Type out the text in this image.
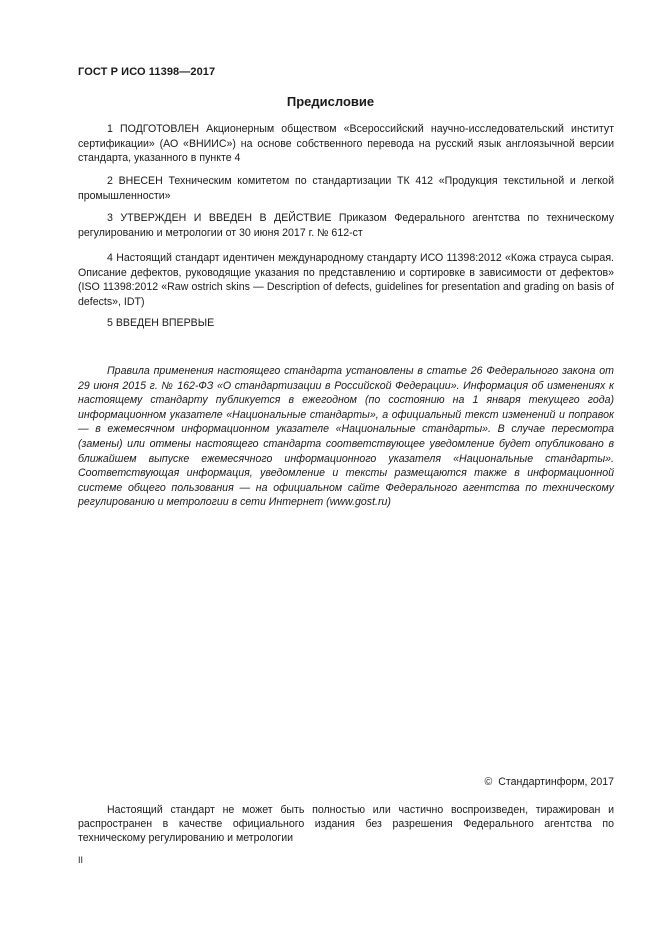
ГОСТ Р ИСО 11398—2017
Предисловие

1 ПОДГОТОВЛЕН Акционерным обществом «Всероссийский научно-исследовательский институт сертификации» (АО «ВНИИС») на основе собственного перевода на русский язык англоязычной версии стандарта, указанного в пункте 4

2 ВНЕСЕН Техническим комитетом по стандартизации ТК 412 «Продукция текстильной и легкой промышленности»

3 УТВЕРЖДЕН И ВВЕДЕН В ДЕЙСТВИЕ Приказом Федерального агентства по техническому регулированию и метрологии от 30 июня 2017 г. № 612-ст

4 Настоящий стандарт идентичен международному стандарту ИСО 11398:2012 «Кожа страуса сырая. Описание дефектов, руководящие указания по представлению и сортировке в зависимости от дефектов» (ISO 11398:2012 «Raw ostrich skins — Description of defects, guidelines for presentation and grading on basis of defects», IDT)

5 ВВЕДЕН ВПЕРВЫЕ

Правила применения настоящего стандарта установлены в статье 26 Федерального закона от 29 июня 2015 г. № 162-ФЗ «О стандартизации в Российской Федерации». Информация об изменениях к настоящему стандарту публикуется в ежегодном (по состоянию на 1 января текущего года) информационном указателе «Национальные стандарты», а официальный текст изменений и поправок — в ежемесячном информационном указателе «Национальные стандарты». В случае пересмотра (замены) или отмены настоящего стандарта соответствующее уведомление будет опубликовано в ближайшем выпуске ежемесячного информационного указателя «Национальные стандарты». Соответствующая информация, уведомление и тексты размещаются также в информационной системе общего пользования — на официальном сайте Федерального агентства по техническому регулированию и метрологии в сети Интернет (www.gost.ru)

© Стандартинформ, 2017

Настоящий стандарт не может быть полностью или частично воспроизведен, тиражирован и распространен в качестве официального издания без разрешения Федерального агентства по техническому регулированию и метрологии

II
